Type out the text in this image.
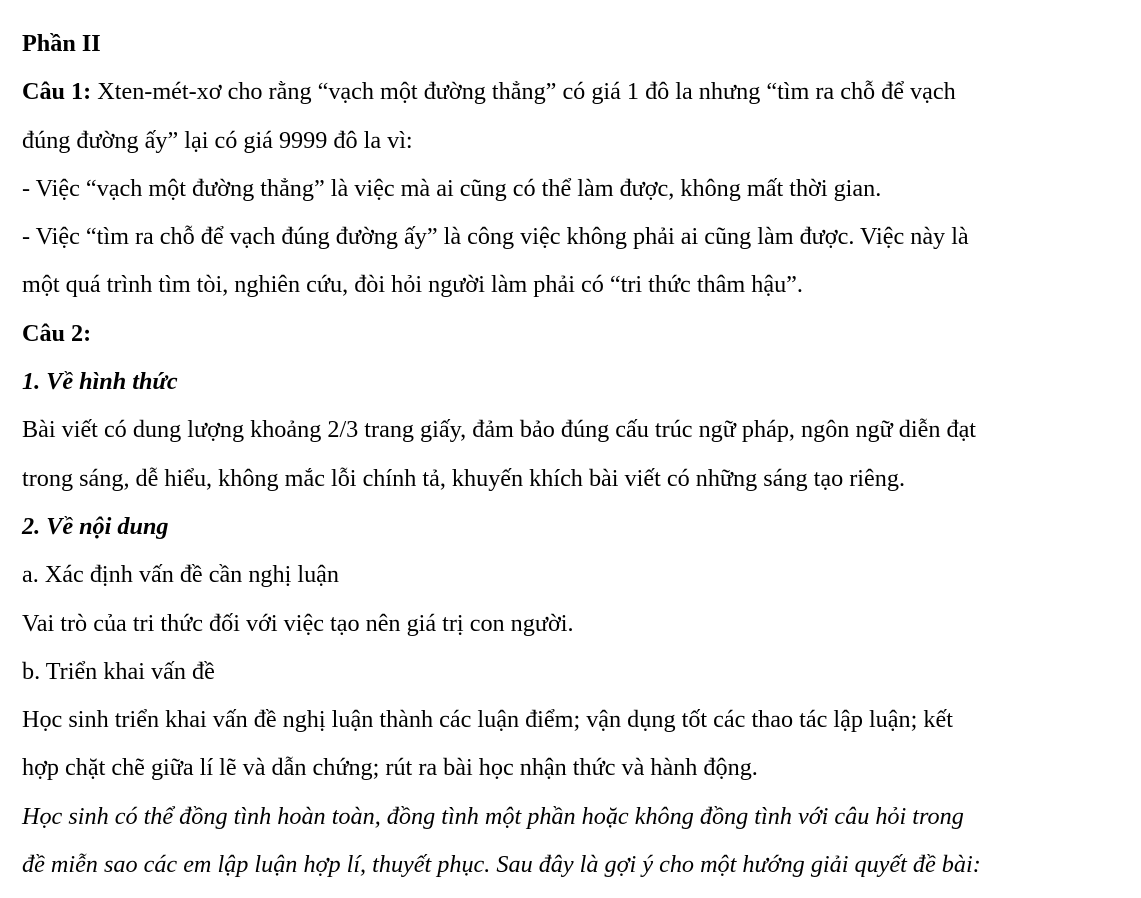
Phần II
Câu 1: Xten-mét-xơ cho rằng “vạch một đường thẳng” có giá 1 đô la nhưng “tìm ra chỗ để vạch
đúng đường ấy” lại có giá 9999 đô la vì:
- Việc “vạch một đường thẳng” là việc mà ai cũng có thể làm được, không mất thời gian.
- Việc “tìm ra chỗ để vạch đúng đường ấy” là công việc không phải ai cũng làm được. Việc này là
một quá trình tìm tòi, nghiên cứu, đòi hỏi người làm phải có “tri thức thâm hậu”.
Câu 2:
1. Về hình thức
Bài viết có dung lượng khoảng 2/3 trang giấy, đảm bảo đúng cấu trúc ngữ pháp, ngôn ngữ diễn đạt
trong sáng, dễ hiểu, không mắc lỗi chính tả, khuyến khích bài viết có những sáng tạo riêng.
2. Về nội dung
a. Xác định vấn đề cần nghị luận
Vai trò của tri thức đối với việc tạo nên giá trị con người.
b. Triển khai vấn đề
Học sinh triển khai vấn đề nghị luận thành các luận điểm; vận dụng tốt các thao tác lập luận; kết
hợp chặt chẽ giữa lí lẽ và dẫn chứng; rút ra bài học nhận thức và hành động.
Học sinh có thể đồng tình hoàn toàn, đồng tình một phần hoặc không đồng tình với câu hỏi trong
đề miễn sao các em lập luận hợp lí, thuyết phục. Sau đây là gợi ý cho một hướng giải quyết đề bài:
